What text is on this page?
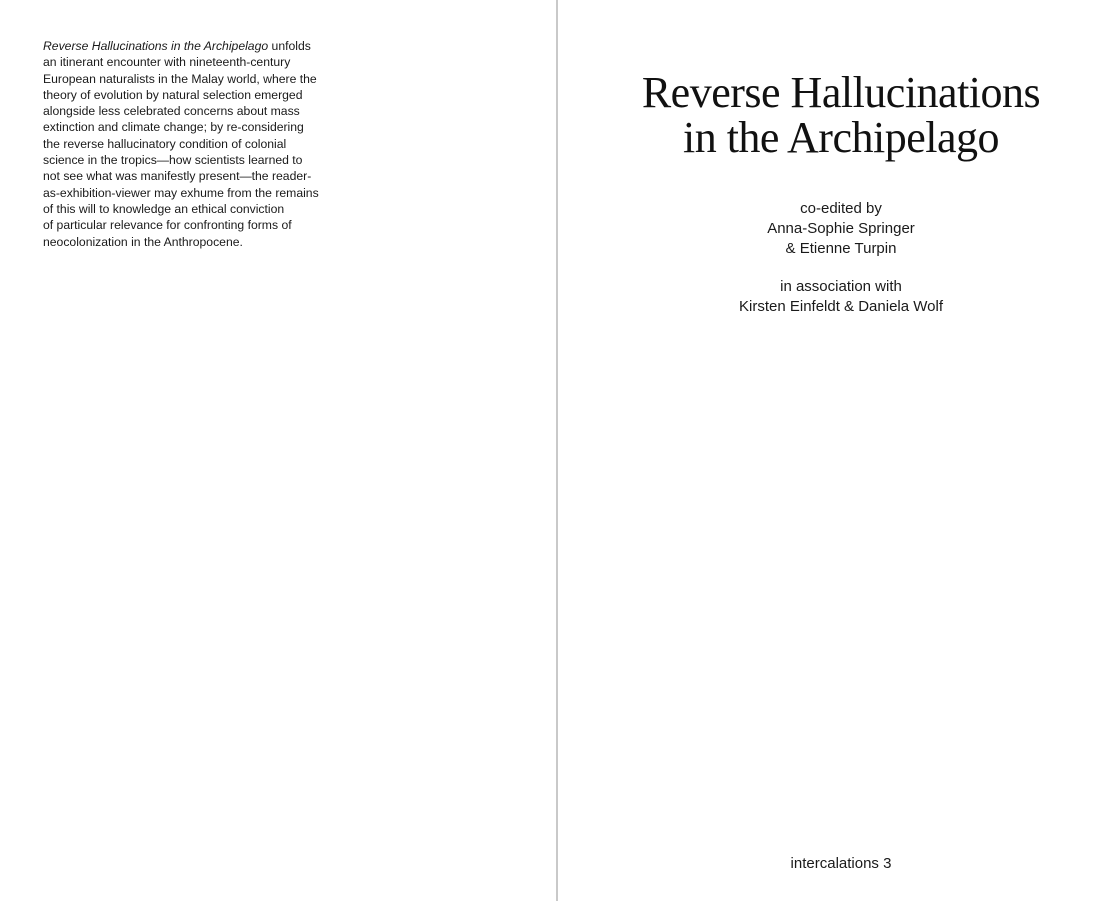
Reverse Hallucinations in the Archipelago unfolds
an itinerant encounter with nineteenth-century
European naturalists in the Malay world, where the
theory of evolution by natural selection emerged
alongside less celebrated concerns about mass
extinction and climate change; by re-considering
the reverse hallucinatory condition of colonial
science in the tropics—how scientists learned to
not see what was manifestly present—the reader-
as-exhibition-viewer may exhume from the remains
of this will to knowledge an ethical conviction
of particular relevance for confronting forms of
neocolonization in the Anthropocene.
Reverse Hallucinations
in the Archipelago
co-edited by
Anna-Sophie Springer
& Etienne Turpin
in association with
Kirsten Einfeldt & Daniela Wolf
intercalations 3
